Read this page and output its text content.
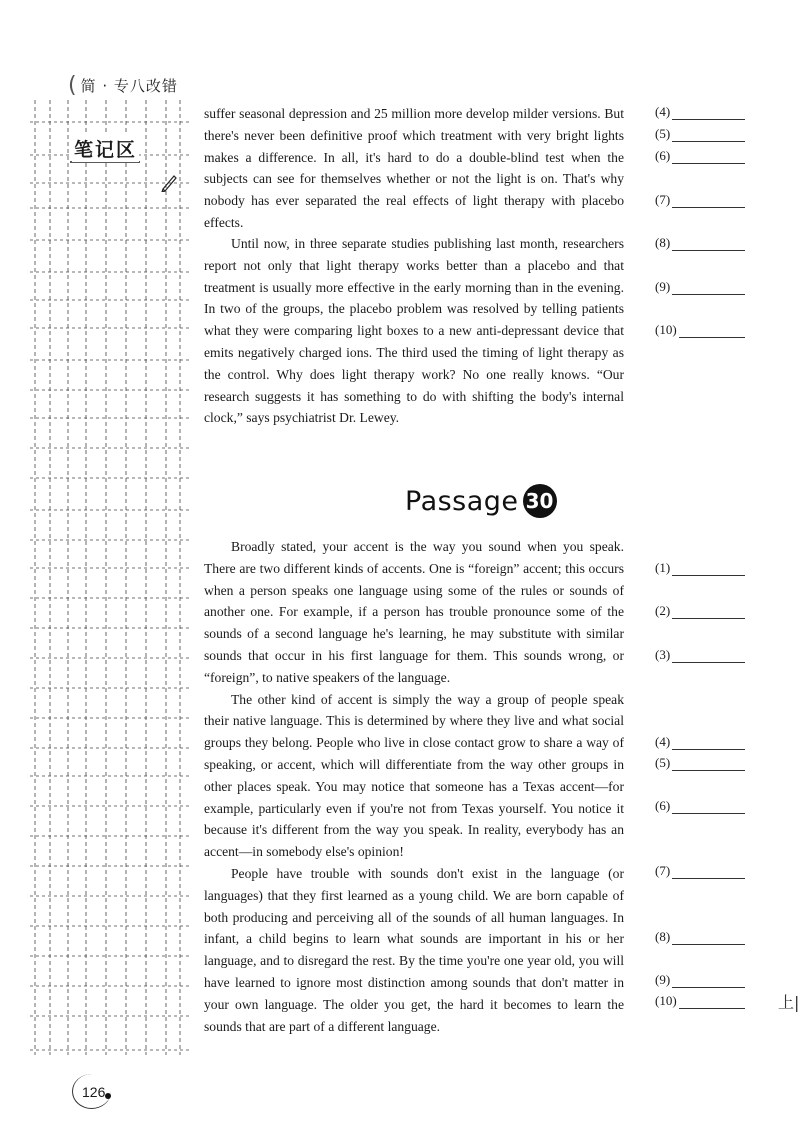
( 简 · 专八改错
笔记区

suffer seasonal depression and 25 million more develop milder versions. But there's never been definitive proof which treatment with very bright lights makes a difference. In all, it's hard to do a double-blind test when the subjects can see for themselves whether or not the light is on. That's why nobody has ever separated the real effects of light therapy with placebo effects.

Until now, in three separate studies publishing last month, researchers report not only that light therapy works better than a placebo and that treatment is usually more effective in the early morning than in the evening. In two of the groups, the placebo problem was resolved by telling patients what they were comparing light boxes to a new anti-depressant device that emits negatively charged ions. The third used the timing of light therapy as the control. Why does light therapy work? No one really knows. “Our research suggests it has something to do with shifting the body's internal clock,” says psychiatrist Dr. Lewey.

(4)
(5)
(6)
(7)
(8)
(9)
(10)
Passage 30

Broadly stated, your accent is the way you sound when you speak. There are two different kinds of accents. One is “foreign” accent; this occurs when a person speaks one language using some of the rules or sounds of another one. For example, if a person has trouble pronounce some of the sounds of a second language he's learning, he may substitute with similar sounds that occur in his first language for them. This sounds wrong, or “foreign”, to native speakers of the language.

The other kind of accent is simply the way a group of people speak their native language. This is determined by where they live and what social groups they belong. People who live in close contact grow to share a way of speaking, or accent, which will differentiate from the way other groups in other places speak. You may notice that someone has a Texas accent—for example, particularly even if you're not from Texas yourself. You notice it because it's different from the way you speak. In reality, everybody has an accent—in somebody else's opinion!

People have trouble with sounds don't exist in the language (or languages) that they first learned as a young child. We are born capable of both producing and perceiving all of the sounds of all human languages. In infant, a child begins to learn what sounds are important in his or her language, and to disregard the rest. By the time you're one year old, you will have learned to ignore most distinction among sounds that don't matter in your own language. The older you get, the hard it becomes to learn the sounds that are part of a different language.

(1)
(2)
(3)
(4)
(5)
(6)
(7)
(8)
(9)
(10)	上|
126
